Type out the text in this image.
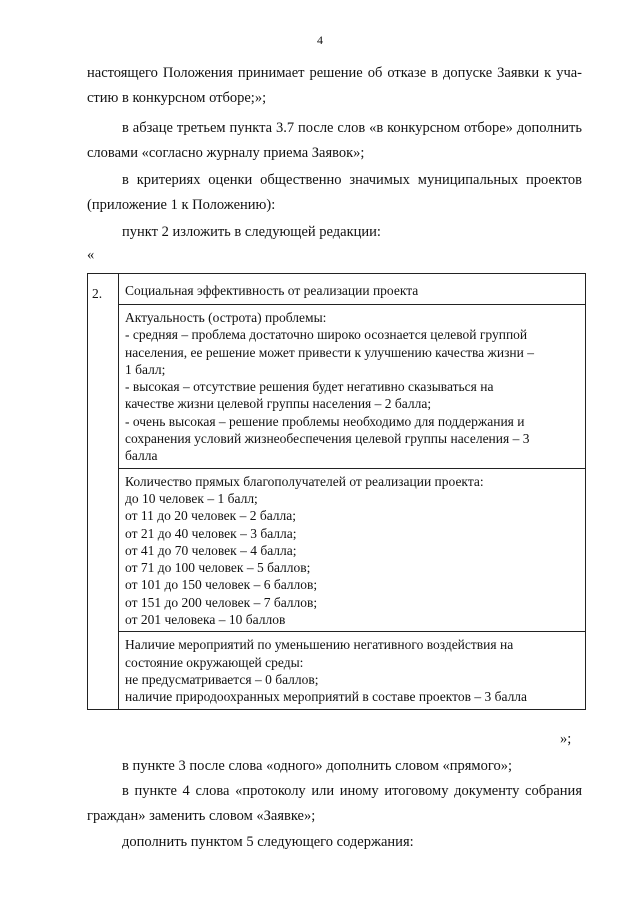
4
настоящего Положения принимает решение об отказе в допуске Заявки к уча-
стию в конкурсном отборе;»;
в абзаце третьем пункта 3.7 после слов «в конкурсном отборе» дополнить
словами «согласно журналу приема Заявок»;
в критериях оценки общественно значимых муниципальных проектов
(приложение 1 к Положению):
пункт 2 изложить в следующей редакции:
«
2.	Социальная эффективность от реализации проекта

Актуальность (острота) проблемы:
- средняя – проблема достаточно широко осознается целевой группой
населения, ее решение может привести к улучшению качества жизни –
1 балл;
- высокая – отсутствие решения будет негативно сказываться на
качестве жизни целевой группы населения – 2 балла;
- очень высокая – решение проблемы необходимо для поддержания и
сохранения условий жизнеобеспечения целевой группы населения – 3
балла

Количество прямых благополучателей от реализации проекта:
до 10 человек – 1 балл;
от 11 до 20 человек – 2 балла;
от 21 до 40 человек – 3 балла;
от 41 до 70 человек – 4 балла;
от 71 до 100 человек – 5 баллов;
от 101 до 150 человек – 6 баллов;
от 151 до 200 человек – 7 баллов;
от 201 человека – 10 баллов

Наличие мероприятий по уменьшению негативного воздействия на
состояние окружающей среды:
не предусматривается – 0 баллов;
наличие природоохранных мероприятий в составе проектов – 3 балла
»;
в пункте 3 после слова «одного» дополнить словом «прямого»;
в пункте 4 слова «протоколу или иному итоговому документу собрания
граждан» заменить словом «Заявке»;
дополнить пунктом 5 следующего содержания:
